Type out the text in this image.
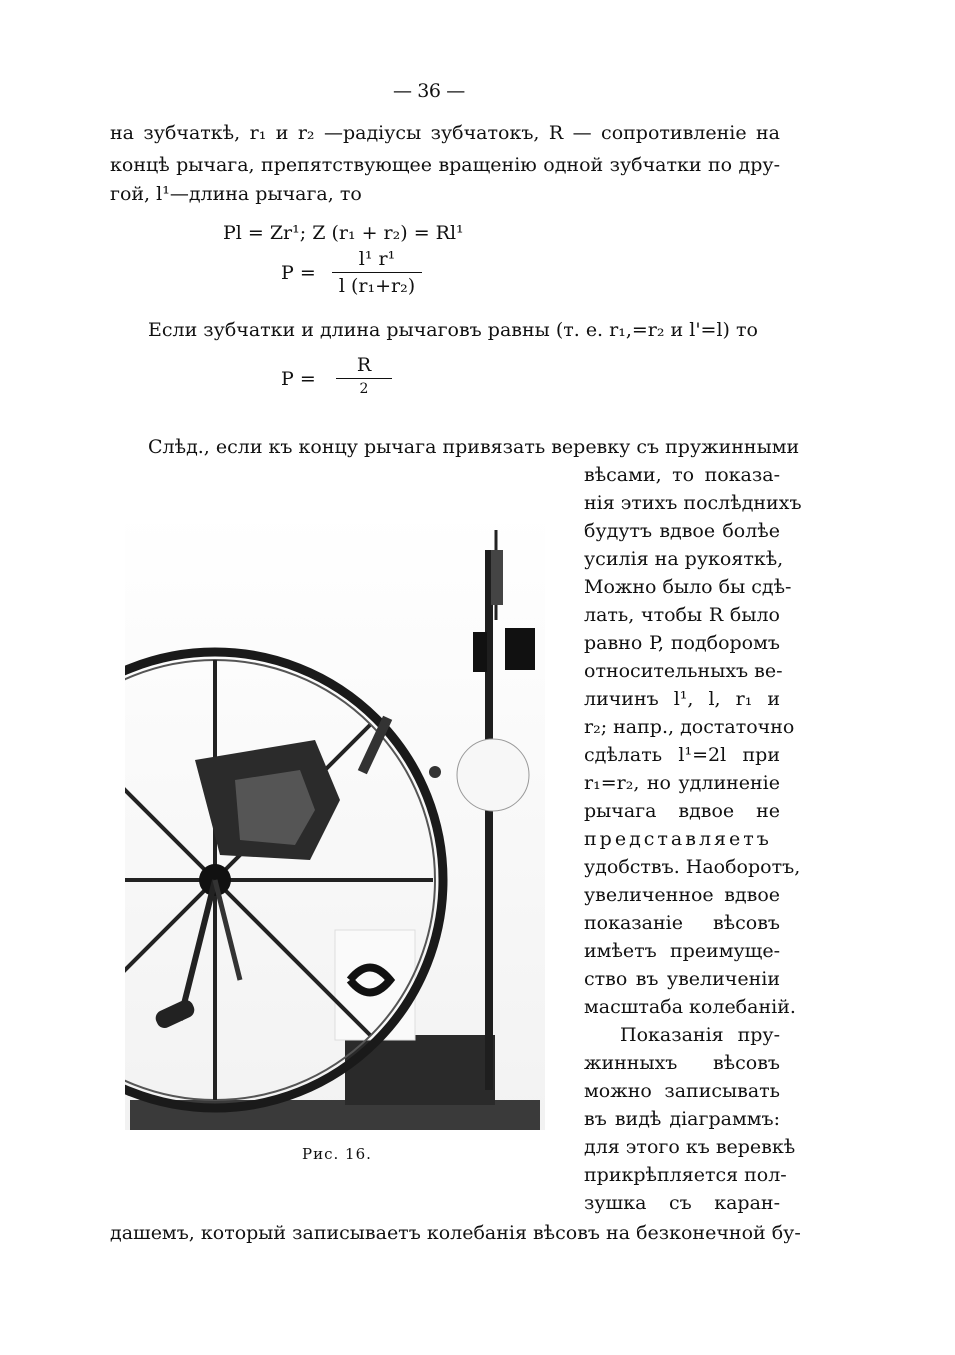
— 36 —
на зубчаткѣ, r₁ и r₂ —радіусы зубчатокъ, R — сопротивленіе на
концѣ рычага, препятствующее вращенію одной зубчатки по дру-
гой, l¹—длина рычага, то
Pl = Zr¹; Z (r₁ + r₂) = Rl¹
P =
l¹ r¹
l (r₁+r₂)
Если зубчатки и длина рычаговъ равны (т. е. r₁,=r₂ и l'=l) то
P =
R
2
Слѣд., если къ концу рычага привязать веревку съ пружинными
Рис. 16.
вѣсами, то показа-
нія этихъ послѣднихъ
будутъ вдвое болѣе
усилія на рукояткѣ,
Можно было бы сдѣ-
лать, чтобы R было
равно P, подборомъ
относительныхъ ве-
личинъ l¹, l, r₁ и
r₂; напр., достаточно
сдѣлать l¹=2l при
r₁=r₂, но удлиненіе
рычага вдвое не
представляетъ
удобствъ. Наоборотъ,
увеличенное вдвое
показаніе вѣсовъ
имѣетъ преимуще-
ство въ увеличеніи
масштаба колебаній.
Показанія пру-
жинныхъ вѣсовъ
можно записывать
въ видѣ діаграммъ:
для этого къ веревкѣ
прикрѣпляется пол-
зушка съ каран-
дашемъ, который записываетъ колебанія вѣсовъ на безконечной бу-
